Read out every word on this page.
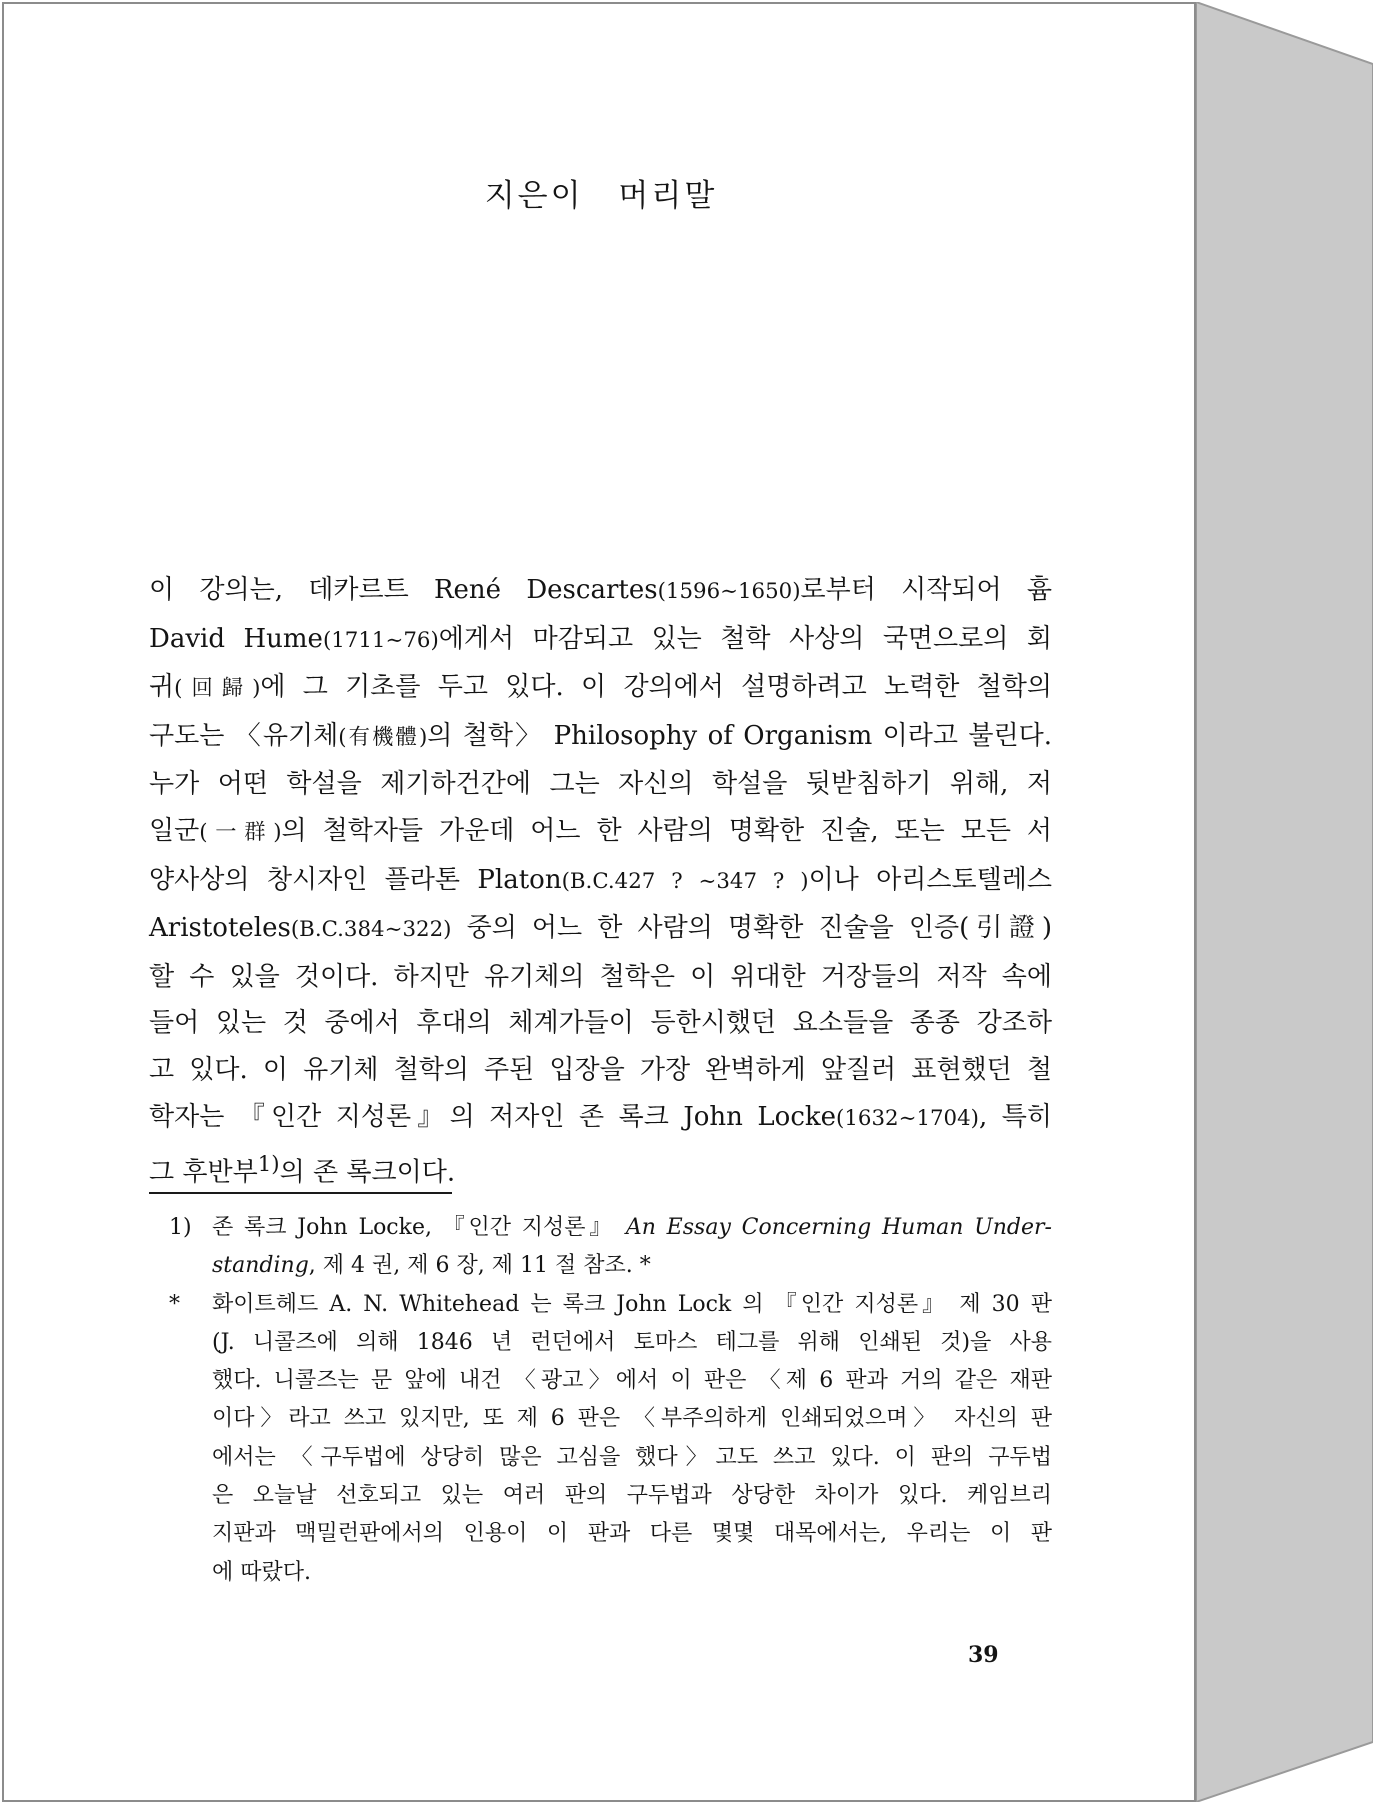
지은이 머리말
이 강의는, 데카르트 René Descartes(1596∼1650)로부터 시작되어 흄
David Hume(1711∼76)에게서 마감되고 있는 철학 사상의 국면으로의 회
귀(回歸)에 그 기초를 두고 있다. 이 강의에서 설명하려고 노력한 철학의
구도는 〈유기체(有機體)의 철학〉 Philosophy of Organism 이라고 불린다.
누가 어떤 학설을 제기하건간에 그는 자신의 학설을 뒷받침하기 위해, 저
일군(一群)의 철학자들 가운데 어느 한 사람의 명확한 진술, 또는 모든 서
양사상의 창시자인 플라톤 Platon(B.C.427 ? ∼347 ? )이나 아리스토텔레스
Aristoteles(B.C.384∼322) 중의 어느 한 사람의 명확한 진술을 인증(引證)
할 수 있을 것이다. 하지만 유기체의 철학은 이 위대한 거장들의 저작 속에
들어 있는 것 중에서 후대의 체계가들이 등한시했던 요소들을 종종 강조하
고 있다. 이 유기체 철학의 주된 입장을 가장 완벽하게 앞질러 표현했던 철
학자는 『인간 지성론』의 저자인 존 록크 John Locke(1632∼1704), 특히
그 후반부$^{1)}$의 존 록크이다.
1) 존 록크 John Locke, 『인간 지성론』 An Essay Concerning Human Under-
standing, 제 4 권, 제 6 장, 제 11 절 참조. *
* 화이트헤드 A. N. Whitehead 는 록크 John Lock 의 『인간 지성론』 제 30 판
(J. 니콜즈에 의해 1846 년 런던에서 토마스 테그를 위해 인쇄된 것)을 사용
했다. 니콜즈는 문 앞에 내건 〈광고〉에서 이 판은 〈제 6 판과 거의 같은 재판
이다〉라고 쓰고 있지만, 또 제 6 판은 〈부주의하게 인쇄되었으며〉 자신의 판
에서는 〈구두법에 상당히 많은 고심을 했다〉고도 쓰고 있다. 이 판의 구두법
은 오늘날 선호되고 있는 여러 판의 구두법과 상당한 차이가 있다. 케임브리
지판과 맥밀런판에서의 인용이 이 판과 다른 몇몇 대목에서는, 우리는 이 판
에 따랐다.

39
